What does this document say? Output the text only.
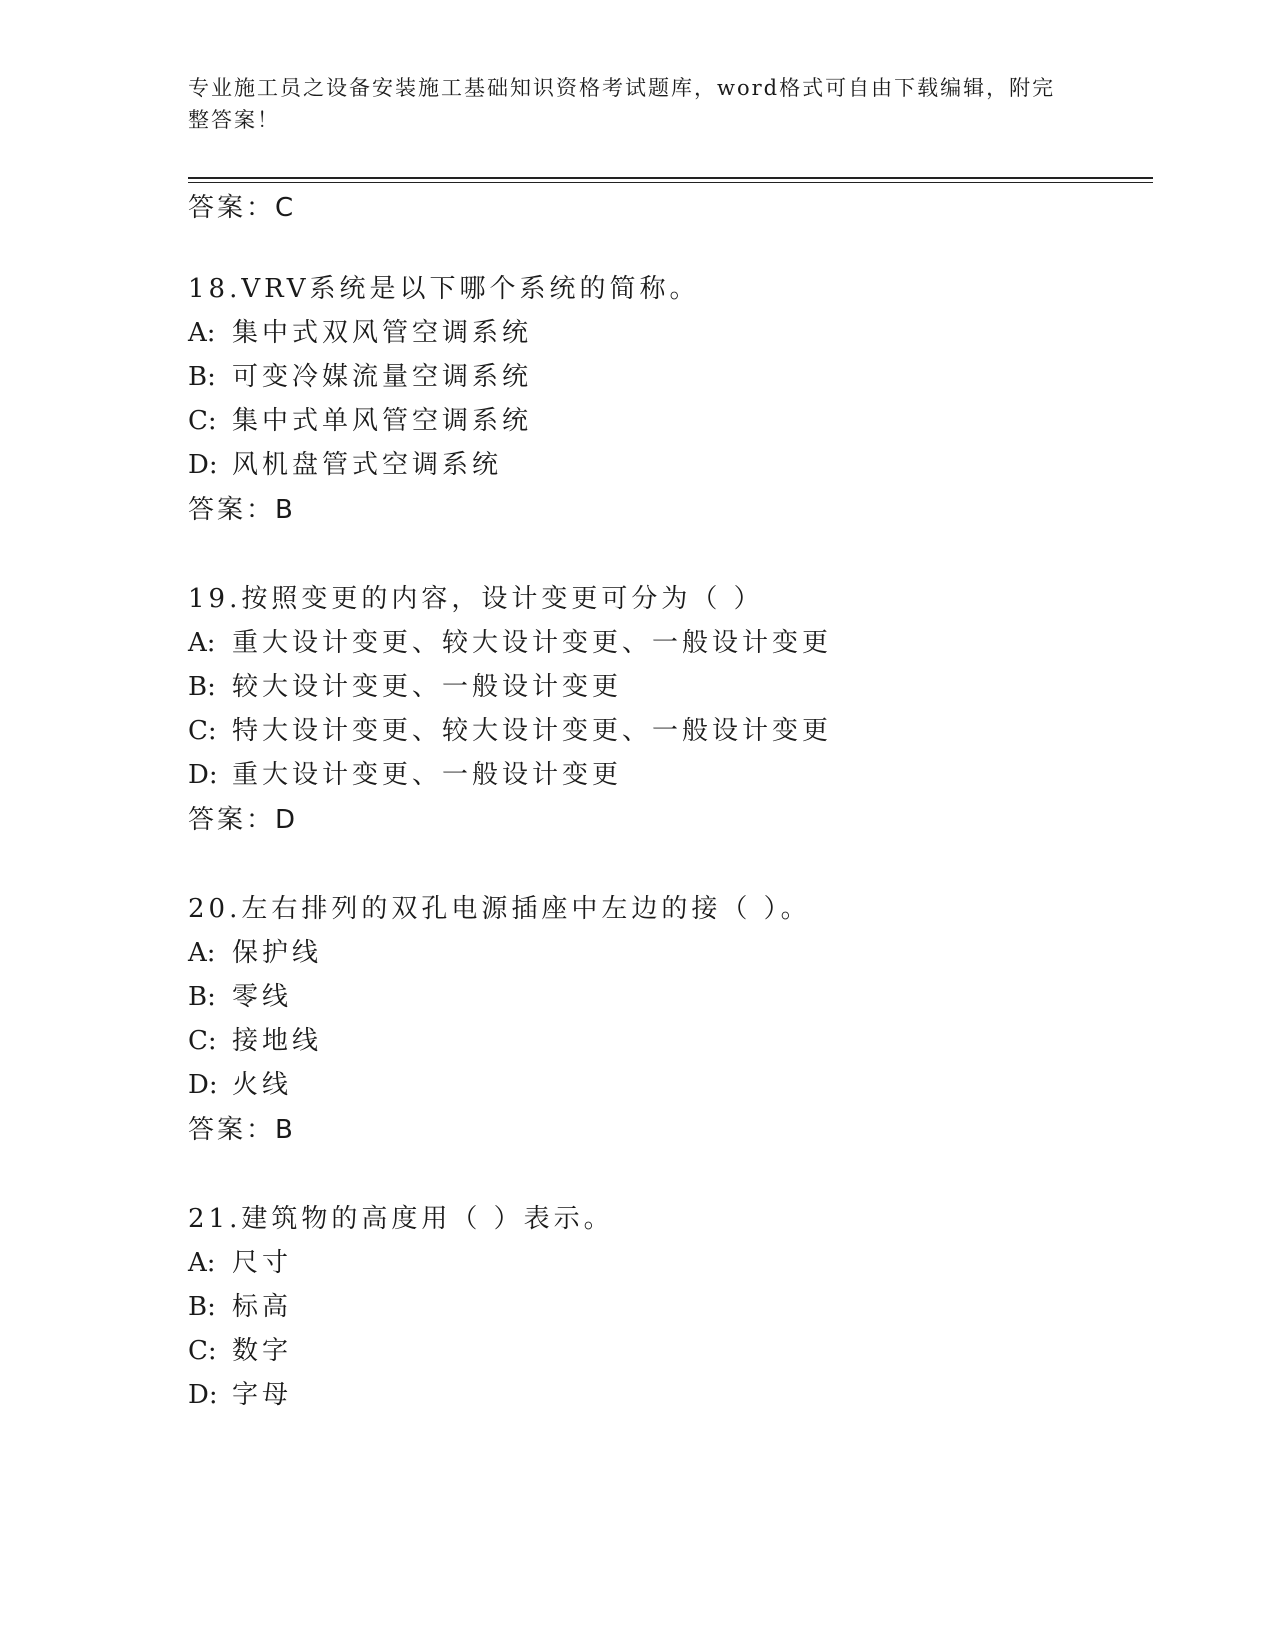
专业施工员之设备安装施工基础知识资格考试题库，word格式可自由下载编辑，附完整答案！
答案：C
18.VRV系统是以下哪个系统的简称。
A: 集中式双风管空调系统
B: 可变冷媒流量空调系统
C: 集中式单风管空调系统
D: 风机盘管式空调系统
答案：B
19.按照变更的内容，设计变更可分为（ ）
A: 重大设计变更、较大设计变更、一般设计变更
B: 较大设计变更、一般设计变更
C: 特大设计变更、较大设计变更、一般设计变更
D: 重大设计变更、一般设计变更
答案：D
20.左右排列的双孔电源插座中左边的接（ ）。
A: 保护线
B: 零线
C: 接地线
D: 火线
答案：B
21.建筑物的高度用（ ）表示。
A: 尺寸
B: 标高
C: 数字
D: 字母
